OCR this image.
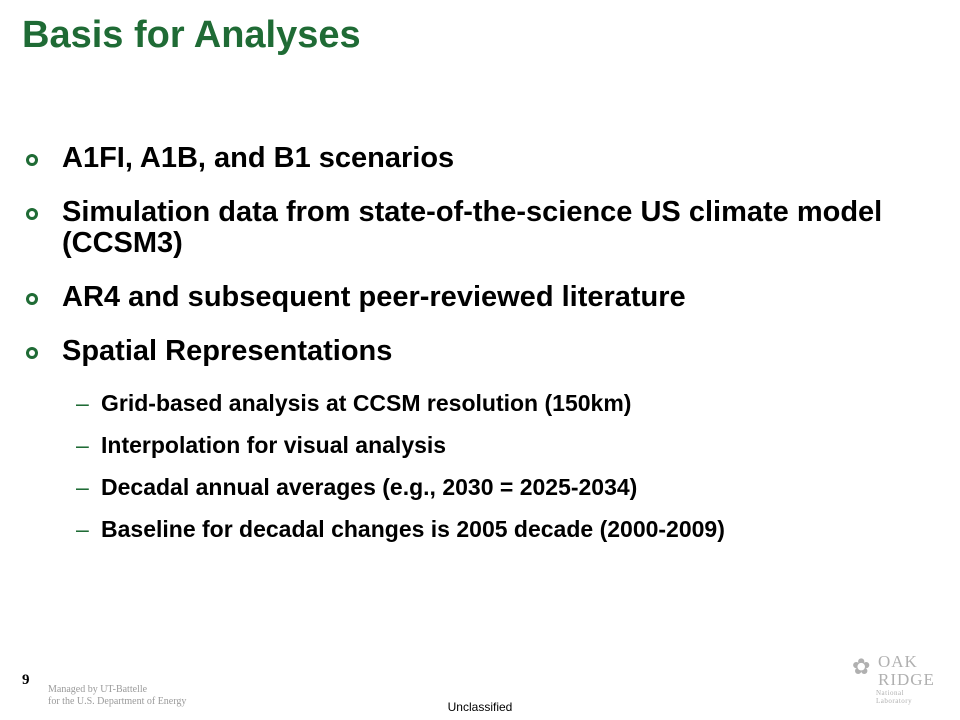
Basis for Analyses
A1FI, A1B, and B1 scenarios
Simulation data from state-of-the-science US climate model (CCSM3)
AR4 and subsequent peer-reviewed literature
Spatial Representations
– Grid-based analysis at CCSM resolution (150km)
– Interpolation for visual analysis
– Decadal annual averages (e.g., 2030 = 2025-2034)
– Baseline for decadal changes is 2005 decade (2000-2009)
9
Managed by UT-Battelle
for the U.S. Department of Energy	Unclassified
✿ OAK
RIDGE
National Laboratory
